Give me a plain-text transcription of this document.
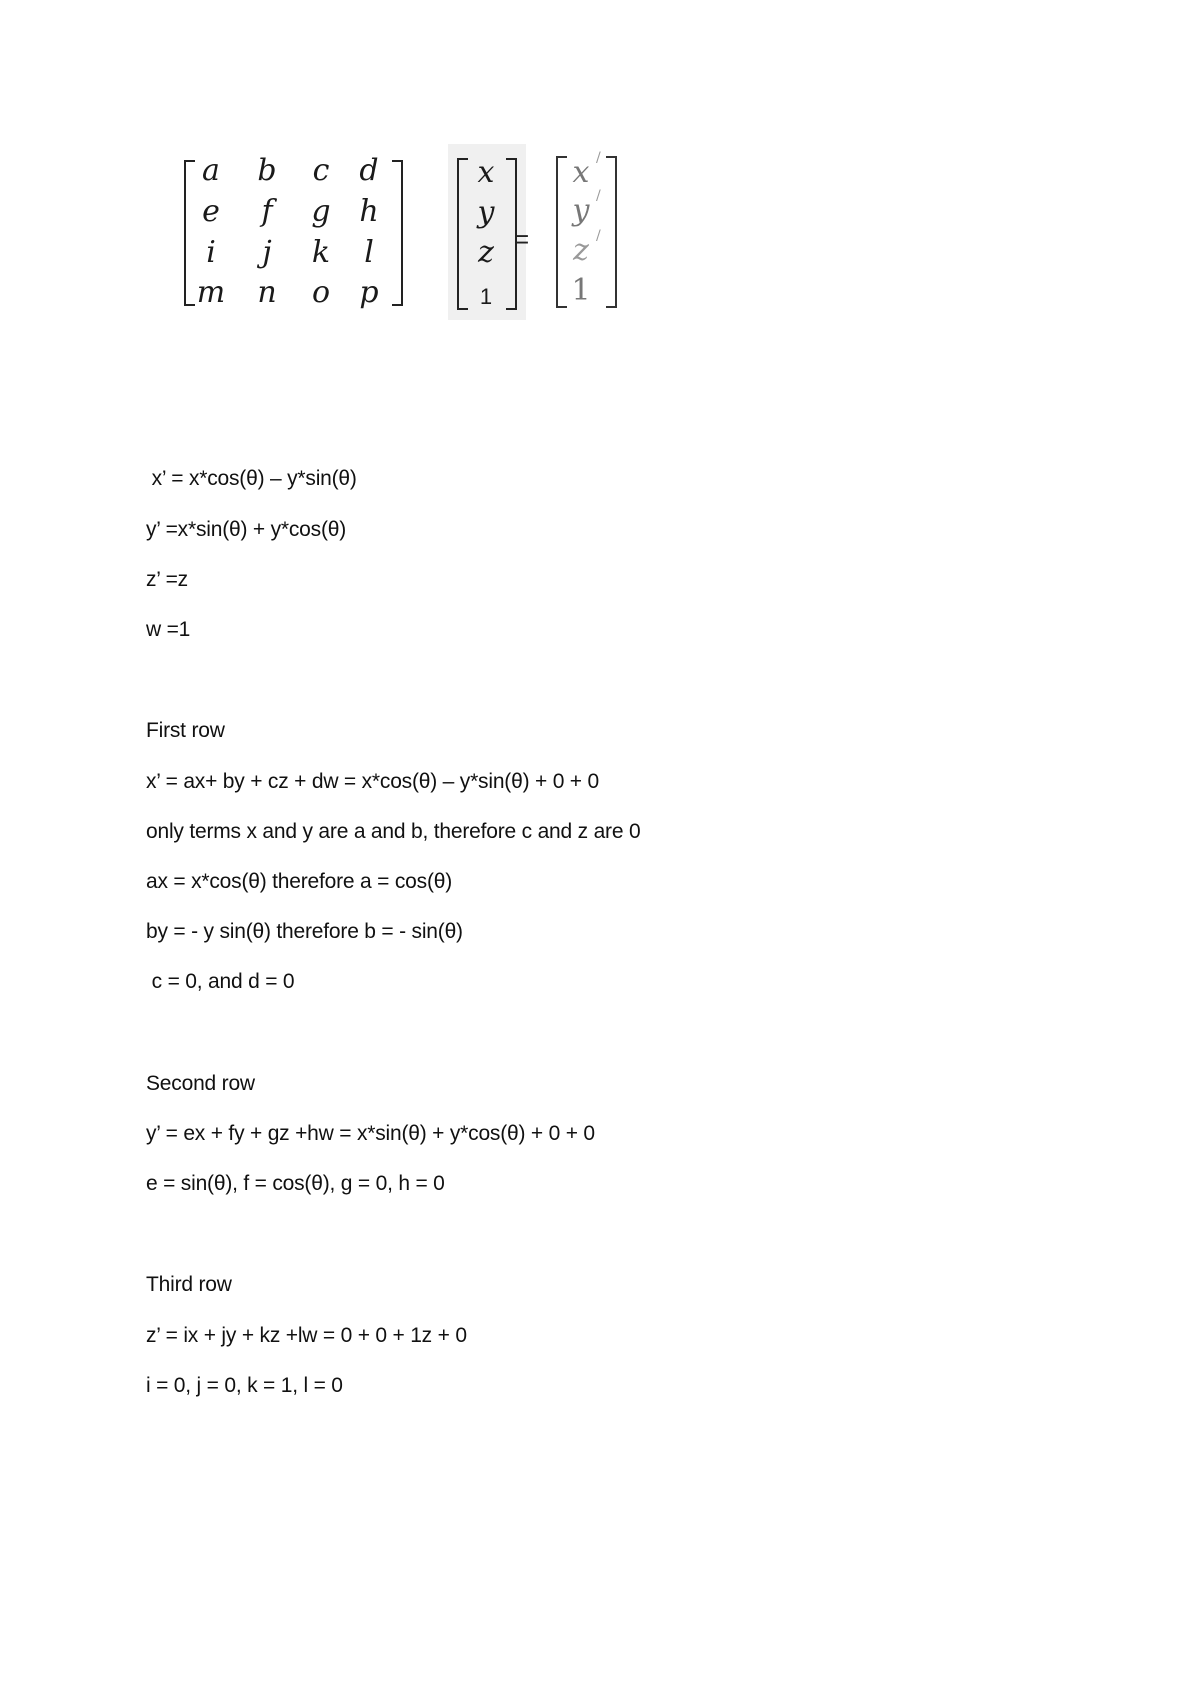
a	b	c d
e	f	g h
i	j	k	l
m	n	o p
x
y
z
1
=
x /
y /
z /
1
x’ = x*cos(θ) – y*sin(θ)
y’ =x*sin(θ) + y*cos(θ)
z’ =z
w =1
First row
x’ = ax+ by + cz + dw = x*cos(θ) – y*sin(θ) + 0 + 0
only terms x and y are a and b, therefore c and z are 0
ax = x*cos(θ) therefore a = cos(θ)
by = - y sin(θ) therefore b = - sin(θ)
c = 0, and d = 0
Second row
y’ = ex + fy + gz +hw = x*sin(θ) + y*cos(θ) + 0 + 0
e = sin(θ), f = cos(θ), g = 0, h = 0
Third row
z’ = ix + jy + kz +lw = 0 + 0 + 1z + 0
i = 0, j = 0, k = 1, l = 0
